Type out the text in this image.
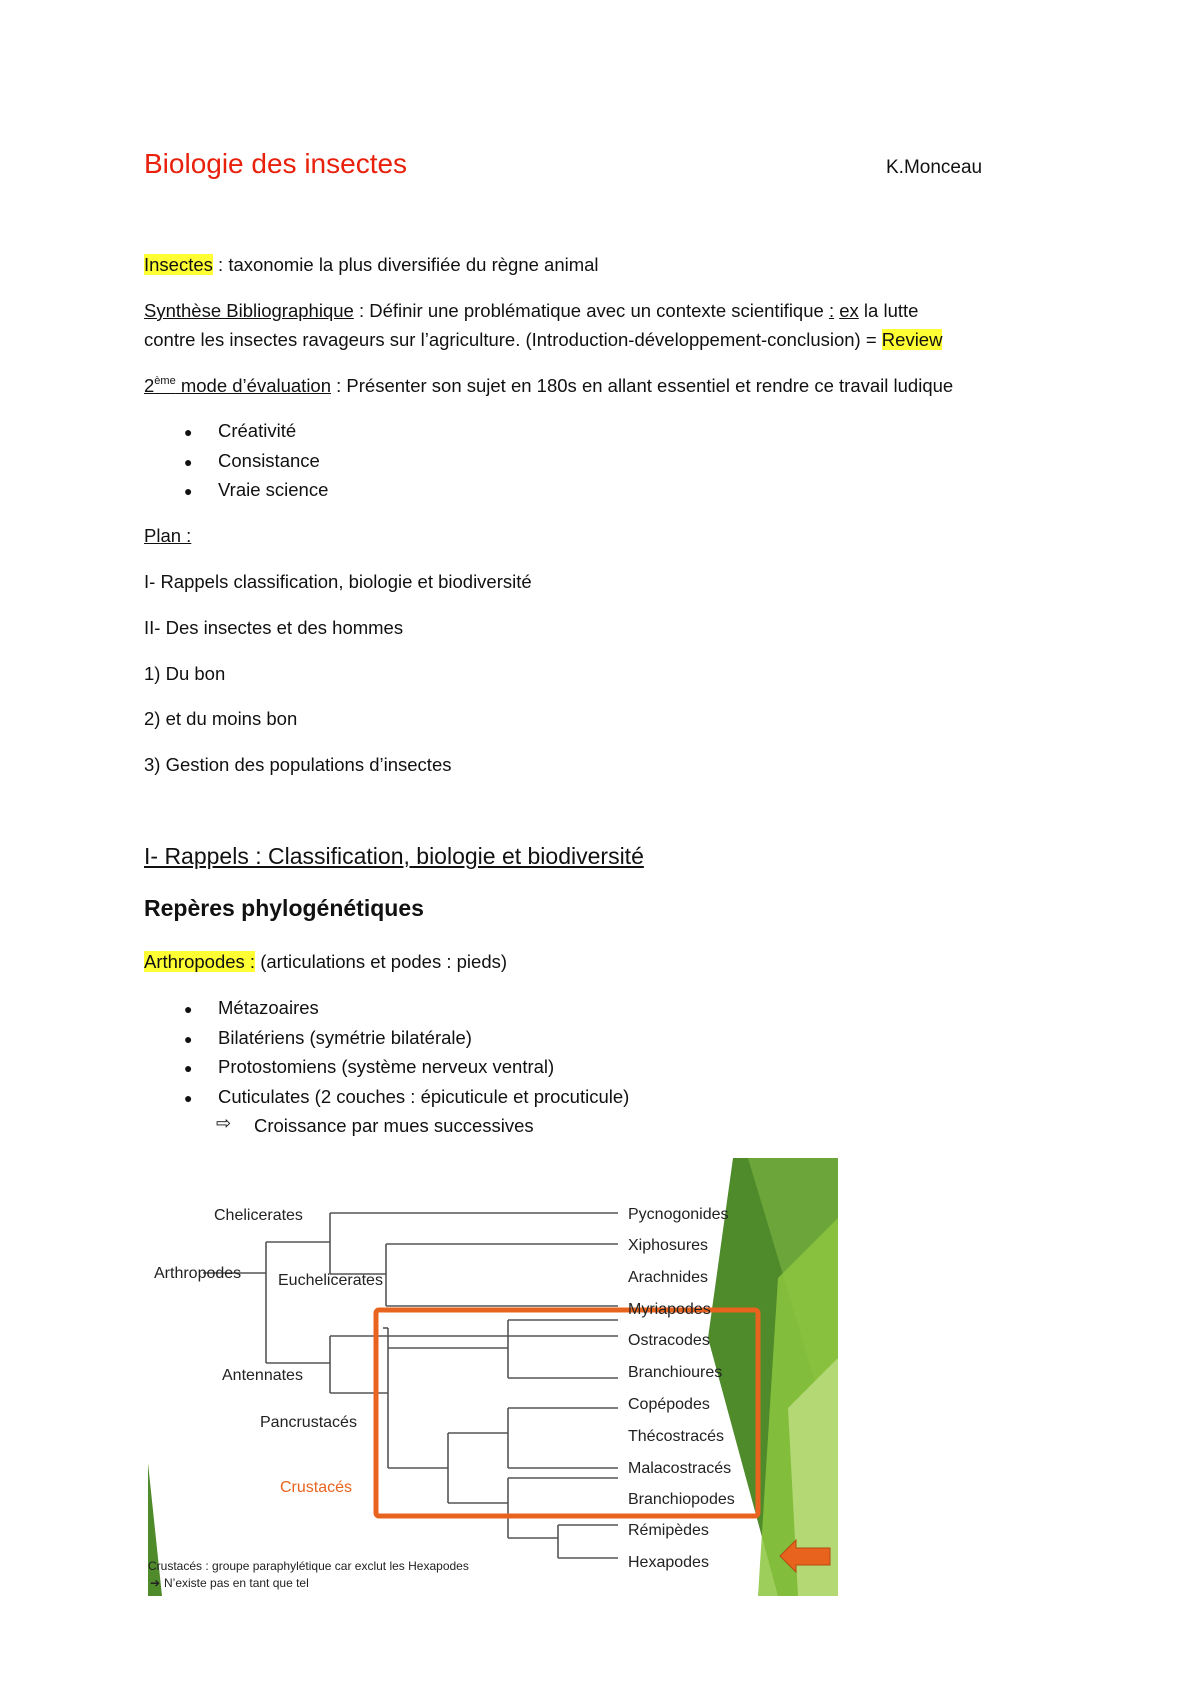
Biologie des insectes	K.Monceau
Insectes : taxonomie la plus diversifiée du règne animal
Synthèse Bibliographique : Définir une problématique avec un contexte scientifique : ex la lutte
contre les insectes ravageurs sur l’agriculture. (Introduction-développement-conclusion) = Review
2ème mode d’évaluation : Présenter son sujet en 180s en allant essentiel et rendre ce travail ludique
● Créativité
● Consistance
● Vraie science
Plan :
I- Rappels classification, biologie et biodiversité
II- Des insectes et des hommes
1) Du bon
2) et du moins bon
3) Gestion des populations d’insectes
I- Rappels : Classification, biologie et biodiversité
Repères phylogénétiques
Arthropodes : (articulations et podes : pieds)
● Métazoaires
● Bilatériens (symétrie bilatérale)
● Protostomiens (système nerveux ventral)
● Cuticulates (2 couches : épicuticule et procuticule)
⇨ Croissance par mues successives
Chelicerates
Arthropodes Euchelicerates
Antennates
Pancrustacés
Crustacés
Pycnogonides
Xiphosures
Arachnides
Myriapodes
Ostracodes
Branchioures
Copépodes
Thécostracés
Malacostracés
Branchiopodes
Rémipèdes
Hexapodes
Crustacés : groupe paraphylétique car exclut les Hexapodes
➔ N’existe pas en tant que tel
